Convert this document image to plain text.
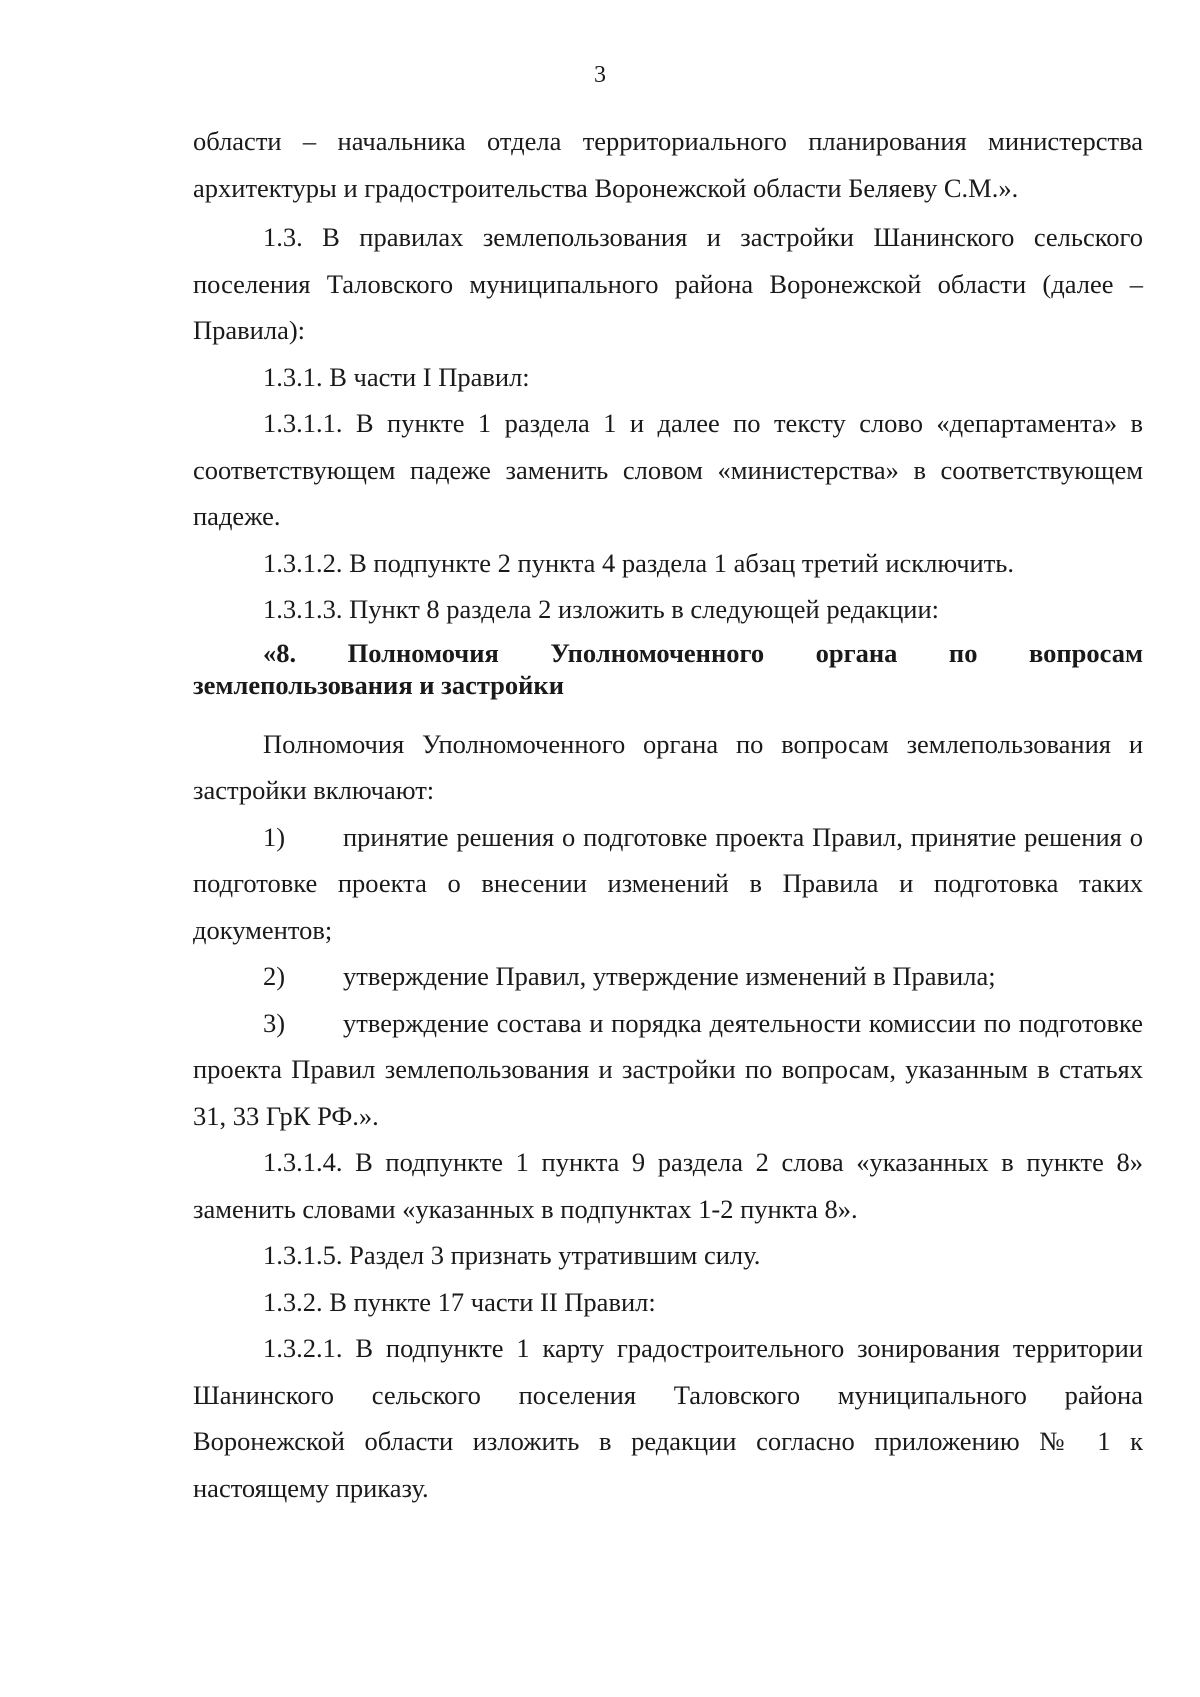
3

области – начальника отдела территориального планирования министерства архитектуры и градостроительства Воронежской области Беляеву С.М.».

1.3. В правилах землепользования и застройки Шанинского сельского поселения Таловского муниципального района Воронежской области (далее – Правила):

1.3.1. В части I Правил:

1.3.1.1. В пункте 1 раздела 1 и далее по тексту слово «департамента» в соответствующем падеже заменить словом «министерства» в соответствующем падеже.

1.3.1.2. В подпункте 2 пункта 4 раздела 1 абзац третий исключить.

1.3.1.3. Пункт 8 раздела 2 изложить в следующей редакции:

«8. Полномочия Уполномоченного органа по вопросам
землепользования и застройки

Полномочия Уполномоченного органа по вопросам землепользования и застройки включают:

1) принятие решения о подготовке проекта Правил, принятие решения о подготовке проекта о внесении изменений в Правила и подготовка таких документов;

2) утверждение Правил, утверждение изменений в Правила;

3) утверждение состава и порядка деятельности комиссии по подготовке проекта Правил землепользования и застройки по вопросам, указанным в статьях 31, 33 ГрК РФ.».

1.3.1.4. В подпункте 1 пункта 9 раздела 2 слова «указанных в пункте 8» заменить словами «указанных в подпунктах 1-2 пункта 8».

1.3.1.5. Раздел 3 признать утратившим силу.

1.3.2. В пункте 17 части II Правил:

1.3.2.1. В подпункте 1 карту градостроительного зонирования территории Шанинского сельского поселения Таловского муниципального района Воронежской области изложить в редакции согласно приложению № 1 к настоящему приказу.
